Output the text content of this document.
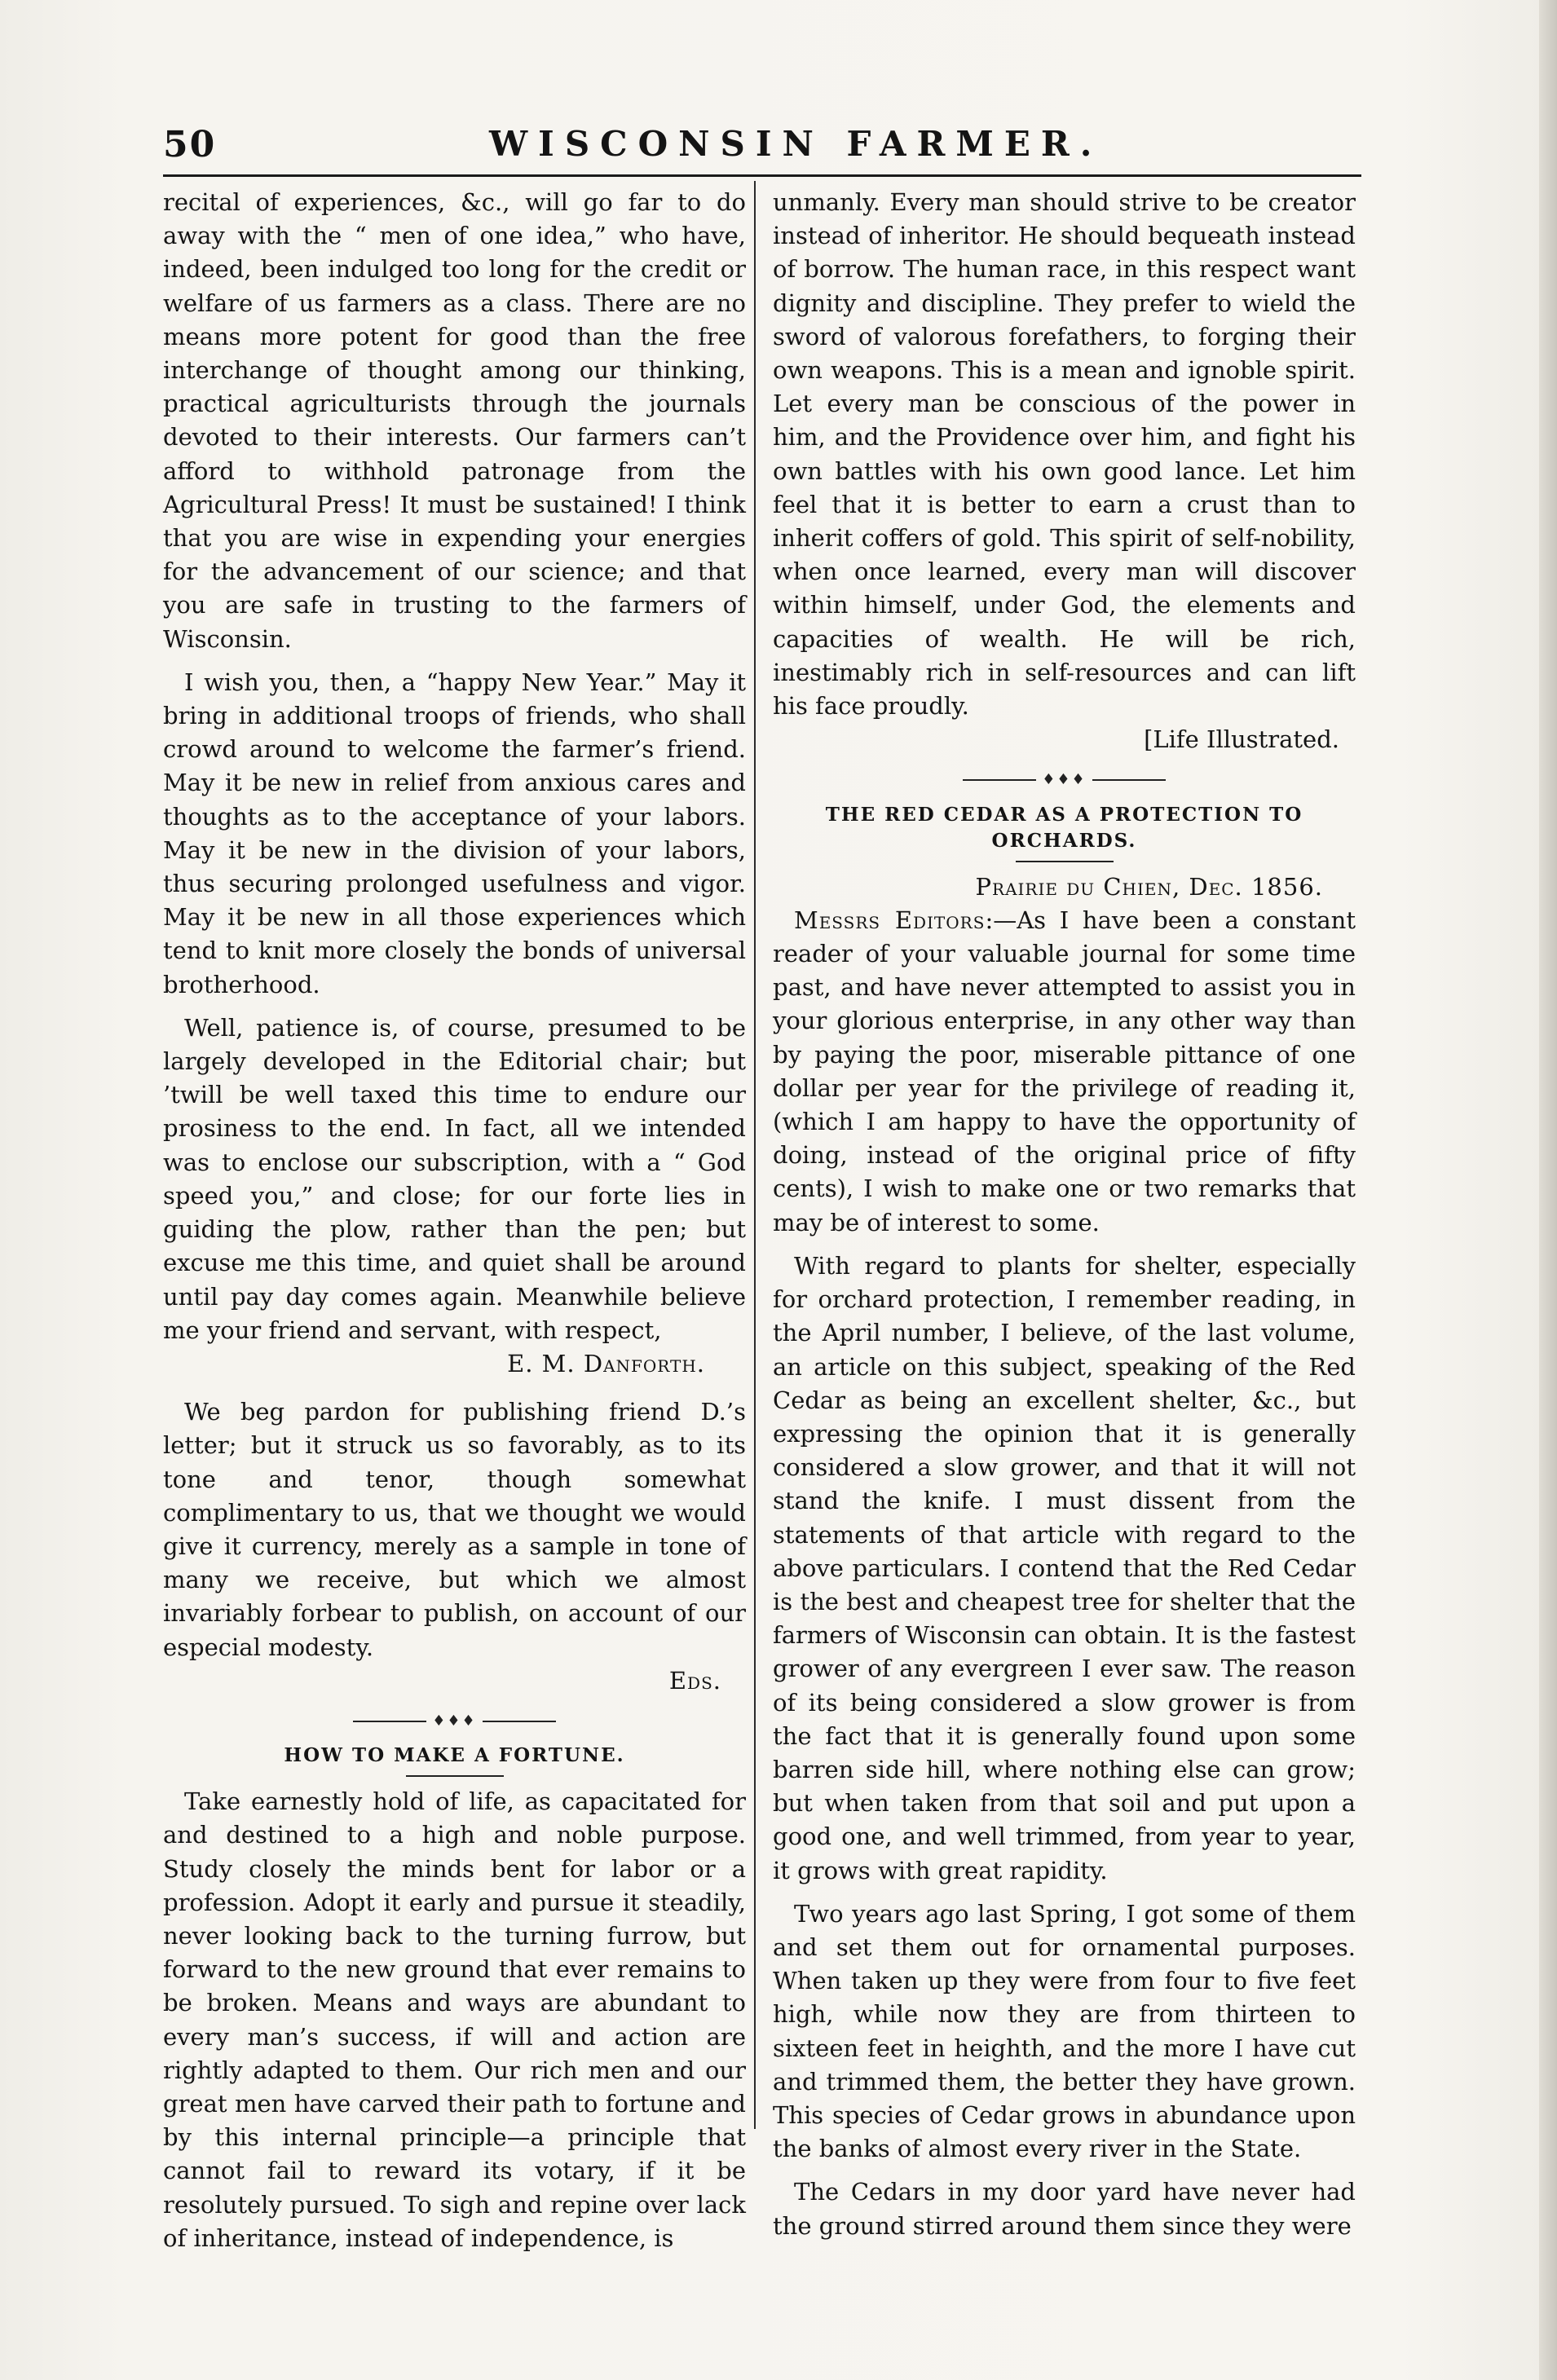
50	WISCONSIN FARMER.

recital of experiences, &c., will go far to do away with the “ men of one idea,” who have, indeed, been indulged too long for the credit or welfare of us farmers as a class. There are no means more potent for good than the free interchange of thought among our thinking, practical agriculturists through the journals devoted to their interests. Our farmers can’t afford to withhold patronage from the Agricultural Press! It must be sustained! I think that you are wise in expending your energies for the advancement of our science; and that you are safe in trusting to the farmers of Wisconsin.

I wish you, then, a “happy New Year.” May it bring in additional troops of friends, who shall crowd around to welcome the farmer’s friend. May it be new in relief from anxious cares and thoughts as to the acceptance of your labors. May it be new in the division of your labors, thus securing prolonged usefulness and vigor. May it be new in all those experiences which tend to knit more closely the bonds of universal brotherhood.

Well, patience is, of course, presumed to be largely developed in the Editorial chair; but ’twill be well taxed this time to endure our prosiness to the end. In fact, all we intended was to enclose our subscription, with a “ God speed you,” and close; for our forte lies in guiding the plow, rather than the pen; but excuse me this time, and quiet shall be around until pay day comes again. Meanwhile believe me your friend and servant, with respect,

E. M. Danforth.

We beg pardon for publishing friend D.’s letter; but it struck us so favorably, as to its tone and tenor, though somewhat complimentary to us, that we thought we would give it currency, merely as a sample in tone of many we receive, but which we almost invariably forbear to publish, on account of our especial modesty.

Eds.
♦♦♦
HOW TO MAKE A FORTUNE.

Take earnestly hold of life, as capacitated for and destined to a high and noble purpose. Study closely the minds bent for labor or a profession. Adopt it early and pursue it steadily, never looking back to the turning furrow, but forward to the new ground that ever remains to be broken. Means and ways are abundant to every man’s success, if will and action are rightly adapted to them. Our rich men and our great men have carved their path to fortune and by this internal principle—a principle that cannot fail to reward its votary, if it be resolutely pursued. To sigh and repine over lack of inheritance, instead of independence, is

unmanly. Every man should strive to be creator instead of inheritor. He should bequeath instead of borrow. The human race, in this respect want dignity and discipline. They prefer to wield the sword of valorous forefathers, to forging their own weapons. This is a mean and ignoble spirit. Let every man be conscious of the power in him, and the Providence over him, and fight his own battles with his own good lance. Let him feel that it is better to earn a crust than to inherit coffers of gold. This spirit of self-nobility, when once learned, every man will discover within himself, under God, the elements and capacities of wealth. He will be rich, inestimably rich in self-resources and can lift his face proudly.

[Life Illustrated.

♦♦♦
THE RED CEDAR AS A PROTECTION TO ORCHARDS.

Prairie du Chien, Dec. 1856.

Messrs Editors:—As I have been a constant reader of your valuable journal for some time past, and have never attempted to assist you in your glorious enterprise, in any other way than by paying the poor, miserable pittance of one dollar per year for the privilege of reading it, (which I am happy to have the opportunity of doing, instead of the original price of fifty cents), I wish to make one or two remarks that may be of interest to some.

With regard to plants for shelter, especially for orchard protection, I remember reading, in the April number, I believe, of the last volume, an article on this subject, speaking of the Red Cedar as being an excellent shelter, &c., but expressing the opinion that it is generally considered a slow grower, and that it will not stand the knife. I must dissent from the statements of that article with regard to the above particulars. I contend that the Red Cedar is the best and cheapest tree for shelter that the farmers of Wisconsin can obtain. It is the fastest grower of any evergreen I ever saw. The reason of its being considered a slow grower is from the fact that it is generally found upon some barren side hill, where nothing else can grow; but when taken from that soil and put upon a good one, and well trimmed, from year to year, it grows with great rapidity.

Two years ago last Spring, I got some of them and set them out for ornamental purposes. When taken up they were from four to five feet high, while now they are from thirteen to sixteen feet in heighth, and the more I have cut and trimmed them, the better they have grown. This species of Cedar grows in abundance upon the banks of almost every river in the State.

The Cedars in my door yard have never had the ground stirred around them since they were
